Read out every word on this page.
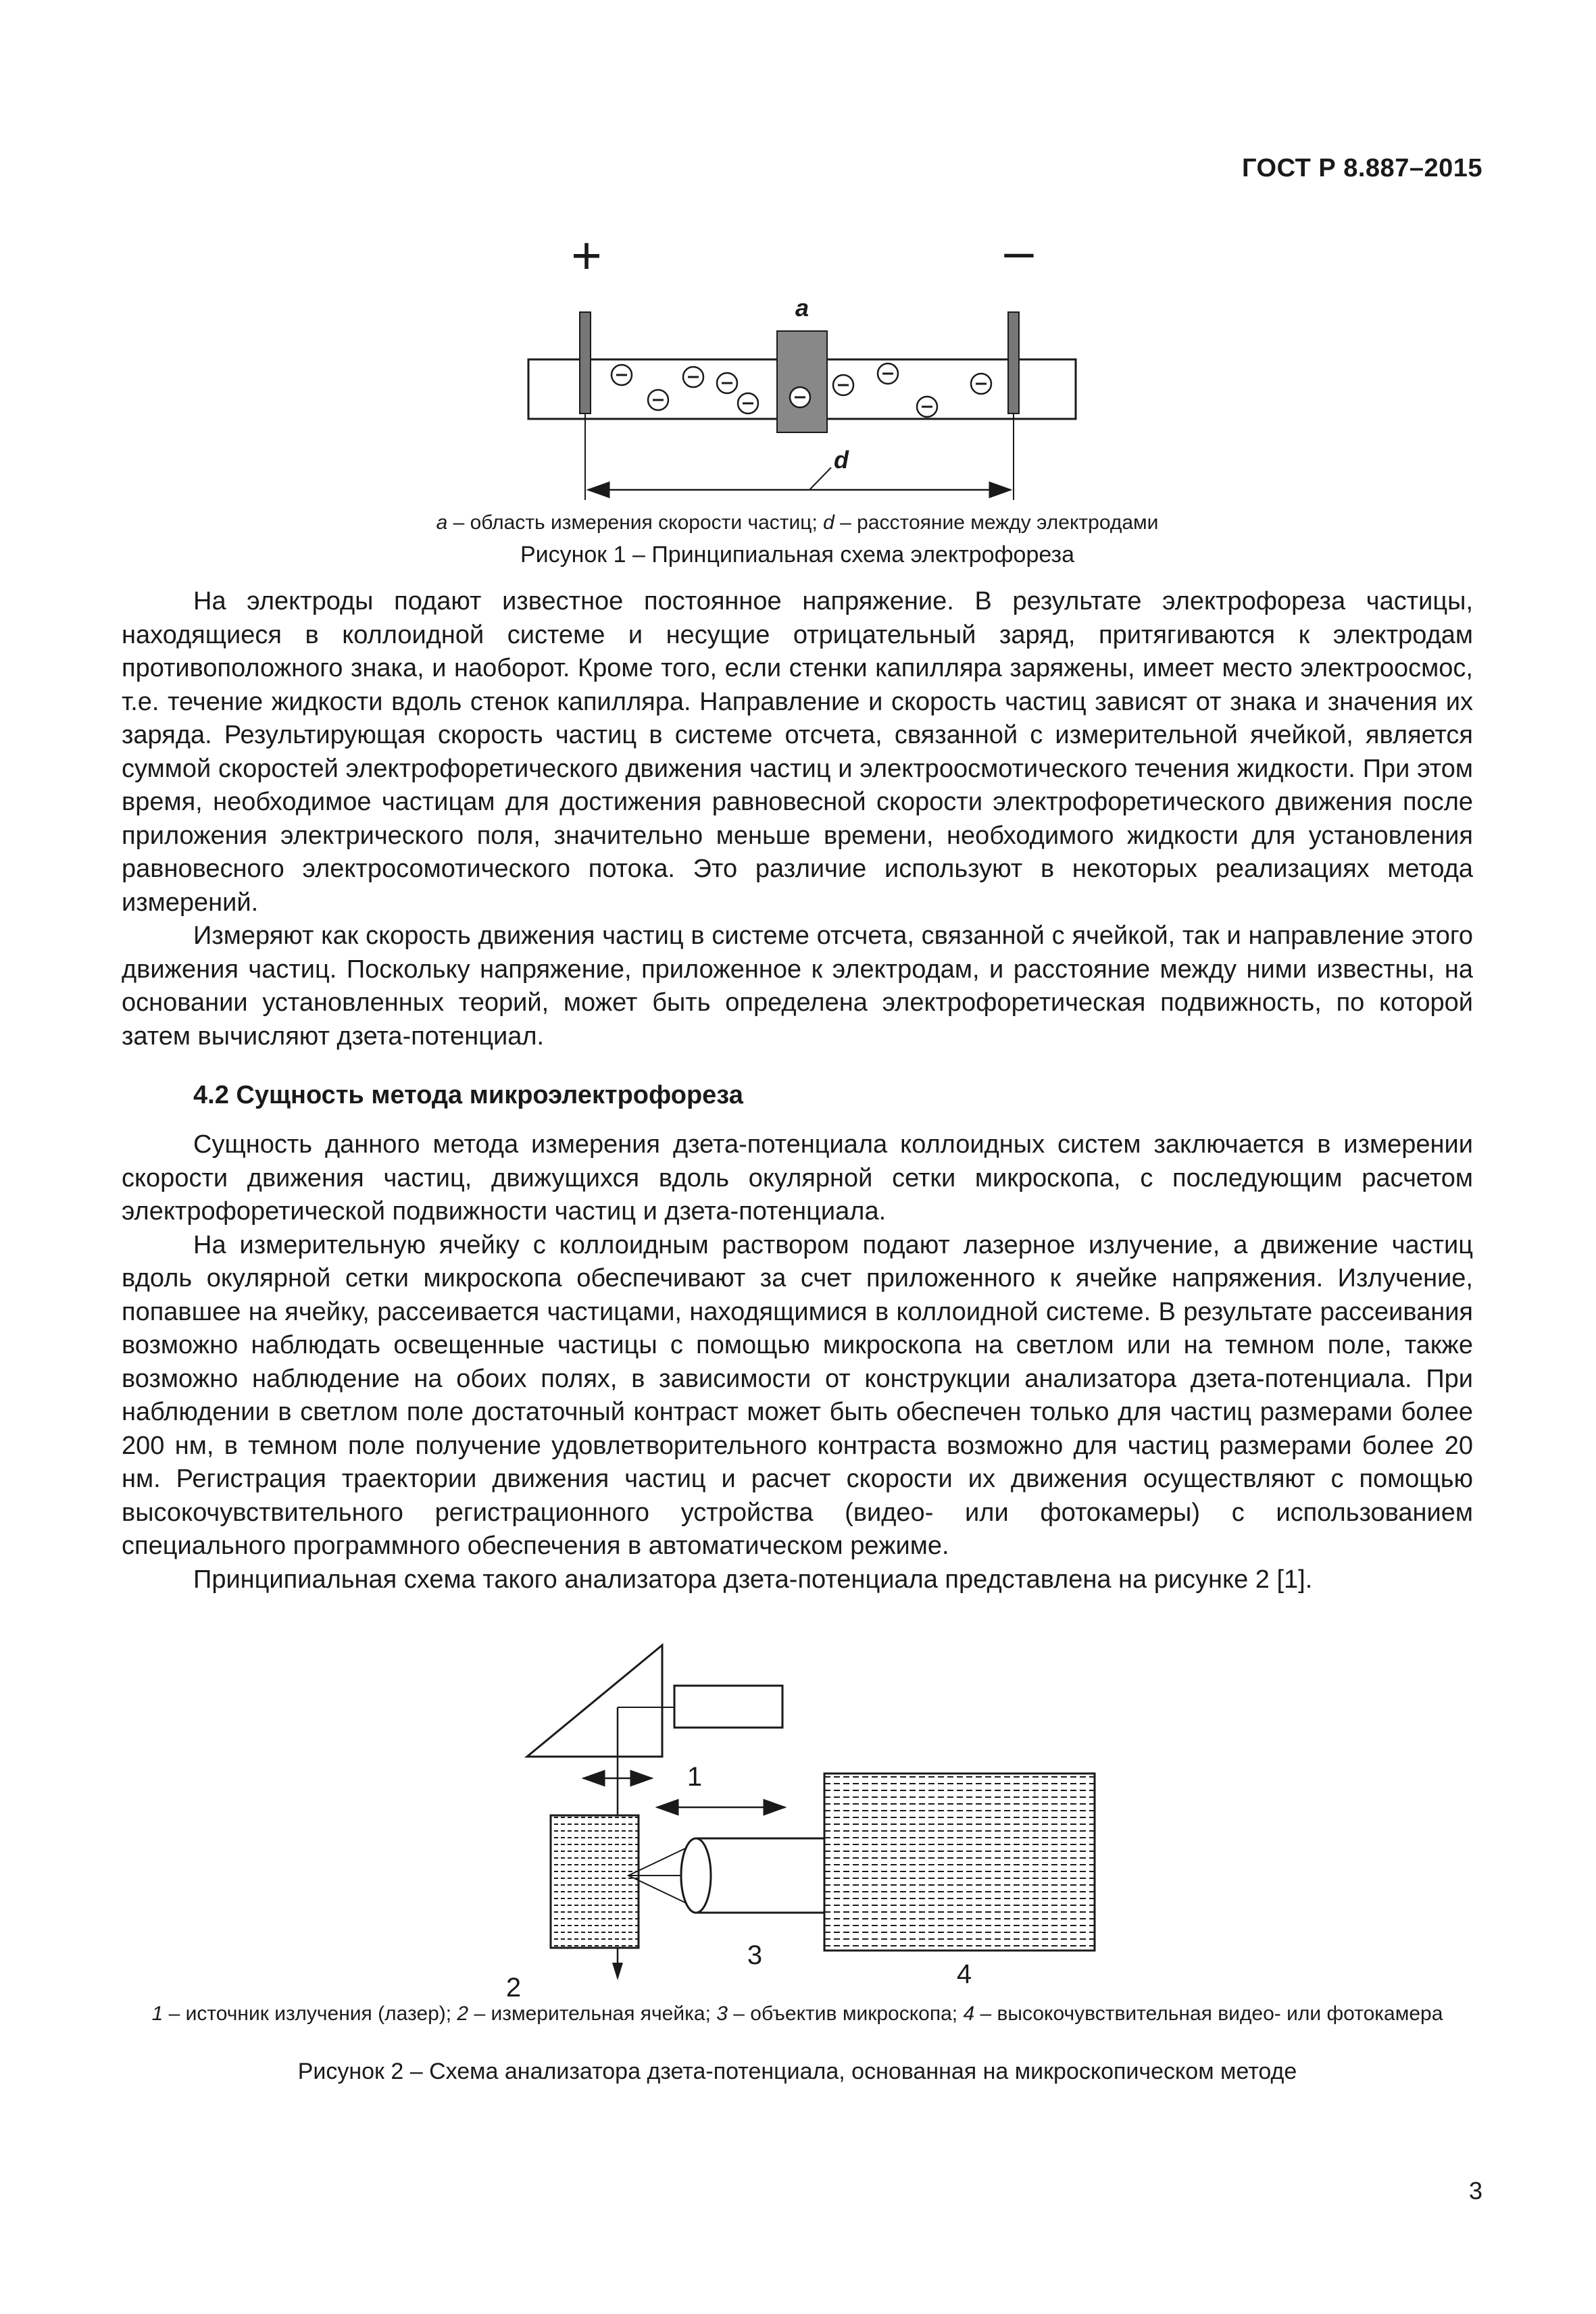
ГОСТ Р 8.887–2015
+	–
a
d
a – область измерения скорости частиц; d – расстояние между электродами
Рисунок 1 – Принципиальная схема электрофореза

На электроды подают известное постоянное напряжение. В результате электрофореза частицы, находящиеся в коллоидной системе и несущие отрицательный заряд, притягиваются к электродам противоположного знака, и наоборот. Кроме того, если стенки капилляра заряжены, имеет место электроосмос, т.е. течение жидкости вдоль стенок капилляра. Направление и скорость частиц зависят от знака и значения их заряда. Результирующая скорость частиц в системе отсчета, связанной с измерительной ячейкой, является суммой скоростей электрофоретического движения частиц и электроосмотического течения жидкости. При этом время, необходимое частицам для достижения равновесной скорости электрофоретического движения после приложения электрического поля, значительно меньше времени, необходимого жидкости для установления равновесного электросомотического потока. Это различие используют в некоторых реализациях метода измерений.

Измеряют как скорость движения частиц в системе отсчета, связанной с ячейкой, так и направление этого движения частиц. Поскольку напряжение, приложенное к электродам, и расстояние между ними известны, на основании установленных теорий, может быть определена электрофоретическая подвижность, по которой затем вычисляют дзета-потенциал.

4.2 Сущность метода микроэлектрофореза

Сущность данного метода измерения дзета-потенциала коллоидных систем заключается в измерении скорости движения частиц, движущихся вдоль окулярной сетки микроскопа, с последующим расчетом электрофоретической подвижности частиц и дзета-потенциала.

На измерительную ячейку с коллоидным раствором подают лазерное излучение, а движение частиц вдоль окулярной сетки микроскопа обеспечивают за счет приложенного к ячейке напряжения. Излучение, попавшее на ячейку, рассеивается частицами, находящимися в коллоидной системе. В результате рассеивания возможно наблюдать освещенные частицы с помощью микроскопа на светлом или на темном поле, также возможно наблюдение на обоих полях, в зависимости от конструкции анализатора дзета-потенциала. При наблюдении в светлом поле достаточный контраст может быть обеспечен только для частиц размерами более 200 нм, в темном поле получение удовлетворительного контраста возможно для частиц размерами более 20 нм. Регистрация траектории движения частиц и расчет скорости их движения осуществляют с помощью высокочувствительного регистрационного устройства (видео- или фотокамеры) с использованием специального программного обеспечения в автоматическом режиме.

Принципиальная схема такого анализатора дзета-потенциала представлена на рисунке 2 [1].

1
2
3
4
1 – источник излучения (лазер); 2 – измерительная ячейка; 3 – объектив микроскопа; 4 – высокочувствительная видео- или фотокамера
Рисунок 2 – Схема анализатора дзета-потенциала, основанная на микроскопическом методе
3
